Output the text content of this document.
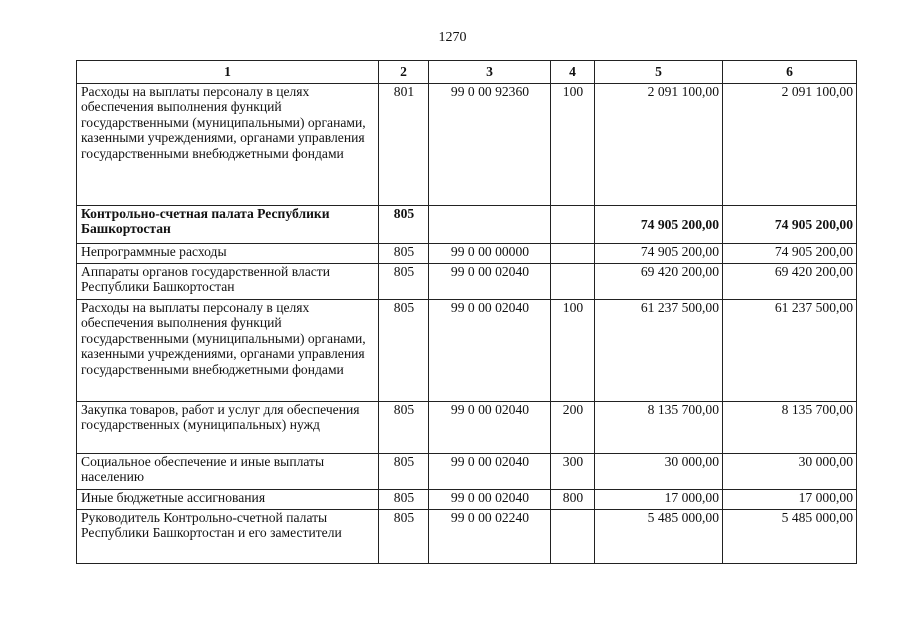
1270
1	2	3	4	5	6
Расходы на выплаты персоналу в целях обеспечения выполнения функций государственными (муниципальными) органами, казенными учреждениями, органами управления государственными внебюджетными фондами	801	99 0 00 92360	100	2 091 100,00	2 091 100,00
Контрольно-счетная палата Республики Башкортостан	805			74 905 200,00	74 905 200,00
Непрограммные расходы	805	99 0 00 00000		74 905 200,00	74 905 200,00
Аппараты органов государственной власти Республики Башкортостан	805	99 0 00 02040		69 420 200,00	69 420 200,00
Расходы на выплаты персоналу в целях обеспечения выполнения функций государственными (муниципальными) органами, казенными учреждениями, органами управления государственными внебюджетными фондами	805	99 0 00 02040	100	61 237 500,00	61 237 500,00
Закупка товаров, работ и услуг для обеспечения государственных (муниципальных) нужд	805	99 0 00 02040	200	8 135 700,00	8 135 700,00
Социальное обеспечение и иные выплаты населению	805	99 0 00 02040	300	30 000,00	30 000,00
Иные бюджетные ассигнования	805	99 0 00 02040	800	17 000,00	17 000,00
Руководитель Контрольно-счетной палаты Республики Башкортостан и его заместители	805	99 0 00 02240		5 485 000,00	5 485 000,00
